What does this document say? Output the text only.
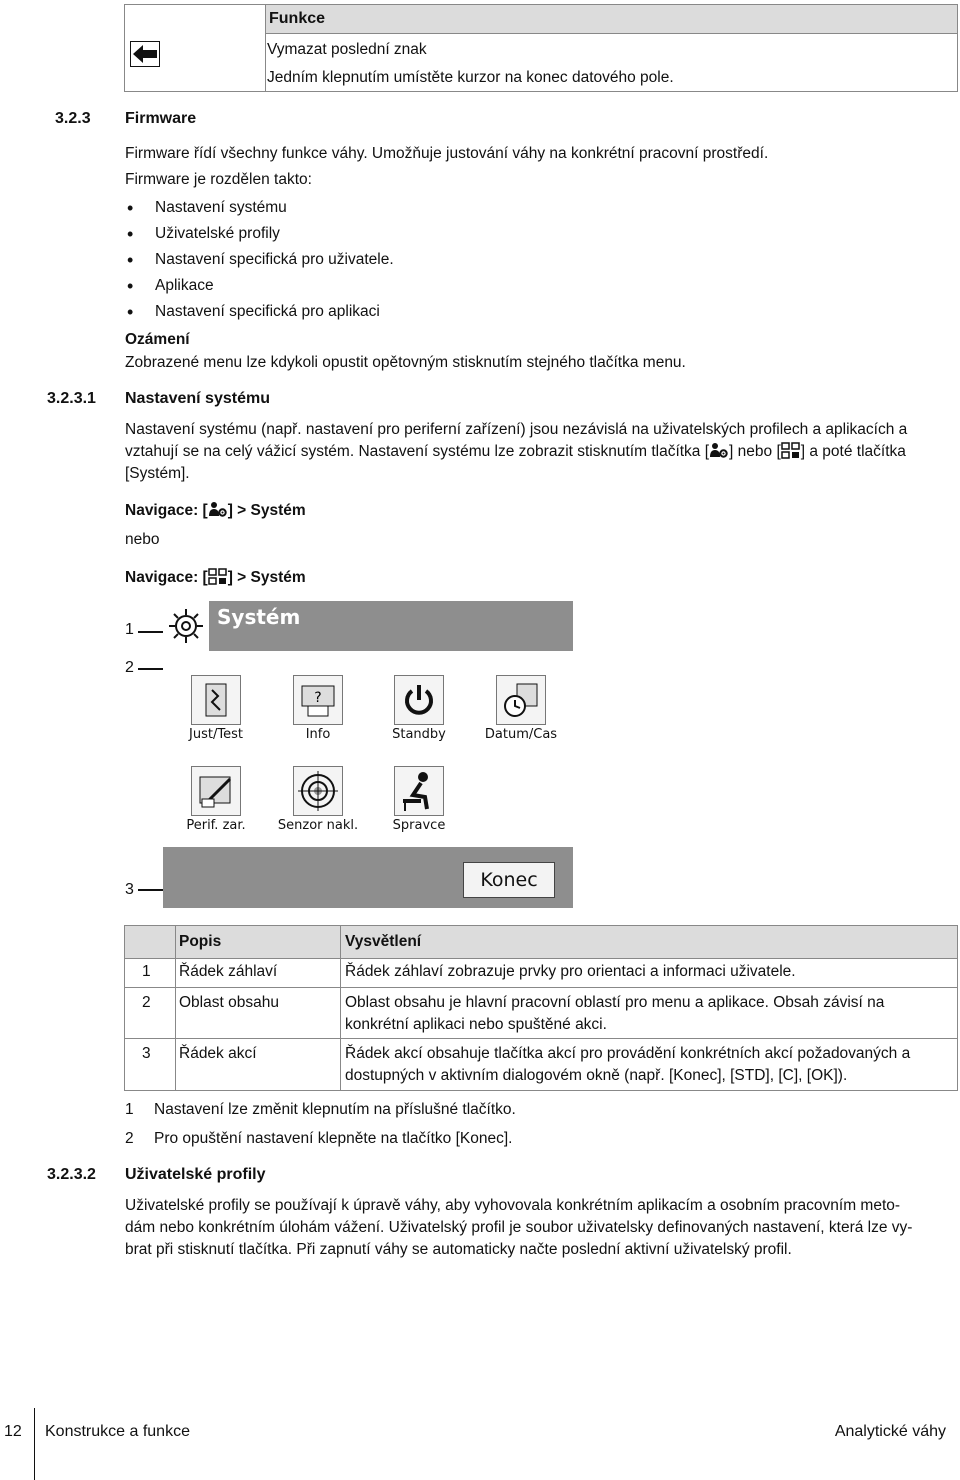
Funkce
Vymazat poslední znak
Jedním klepnutím umístěte kurzor na konec datového pole.
3.2.3 Firmware
Firmware řídí všechny funkce váhy. Umožňuje justování váhy na konkrétní pracovní prostředí.
Firmware je rozdělen takto:
• Nastavení systému
• Uživatelské profily
• Nastavení specifická pro uživatele.
• Aplikace
• Nastavení specifická pro aplikaci
Ozámení
Zobrazené menu lze kdykoli opustit opětovným stisknutím stejného tlačítka menu.
3.2.3.1 Nastavení systému
Nastavení systému (např. nastavení pro periferní zařízení) jsou nezávislá na uživatelských profilech a aplikacích a
vztahují se na celý vážicí systém. Nastavení systému lze zobrazit stisknutím tlačítka [ ] nebo [ ] a poté tlačítka
[Systém].
Navigace: [ ] > Systém
nebo
Navigace: [ ] > Systém
1
2
3
Systém
Just/Test
?
Info	Standby	Datum/Cas
Perif. zar.	Senzor nakl.	Spravce
Konec
Popis	Vysvětlení
1 Řádek záhlaví	Řádek záhlaví zobrazuje prvky pro orientaci a informaci uživatele.
2 Oblast obsahu	Oblast obsahu je hlavní pracovní oblastí pro menu a aplikace. Obsah závisí na
konkrétní aplikaci nebo spuštěné akci.
3 Řádek akcí	Řádek akcí obsahuje tlačítka akcí pro provádění konkrétních akcí požadovaných a
dostupných v aktivním dialogovém okně (např. [Konec], [STD], [C], [OK]).
1 Nastavení lze změnit klepnutím na příslušné tlačítko.
2 Pro opuštění nastavení klepněte na tlačítko [Konec].
3.2.3.2 Uživatelské profily
Uživatelské profily se používají k úpravě váhy, aby vyhovovala konkrétním aplikacím a osobním pracovním meto-
dám nebo konkrétním úlohám vážení. Uživatelský profil je soubor uživatelsky definovaných nastavení, která lze vy-
brat při stisknutí tlačítka. Při zapnutí váhy se automaticky načte poslední aktivní uživatelský profil.
12 Konstrukce a funkce	Analytické váhy
